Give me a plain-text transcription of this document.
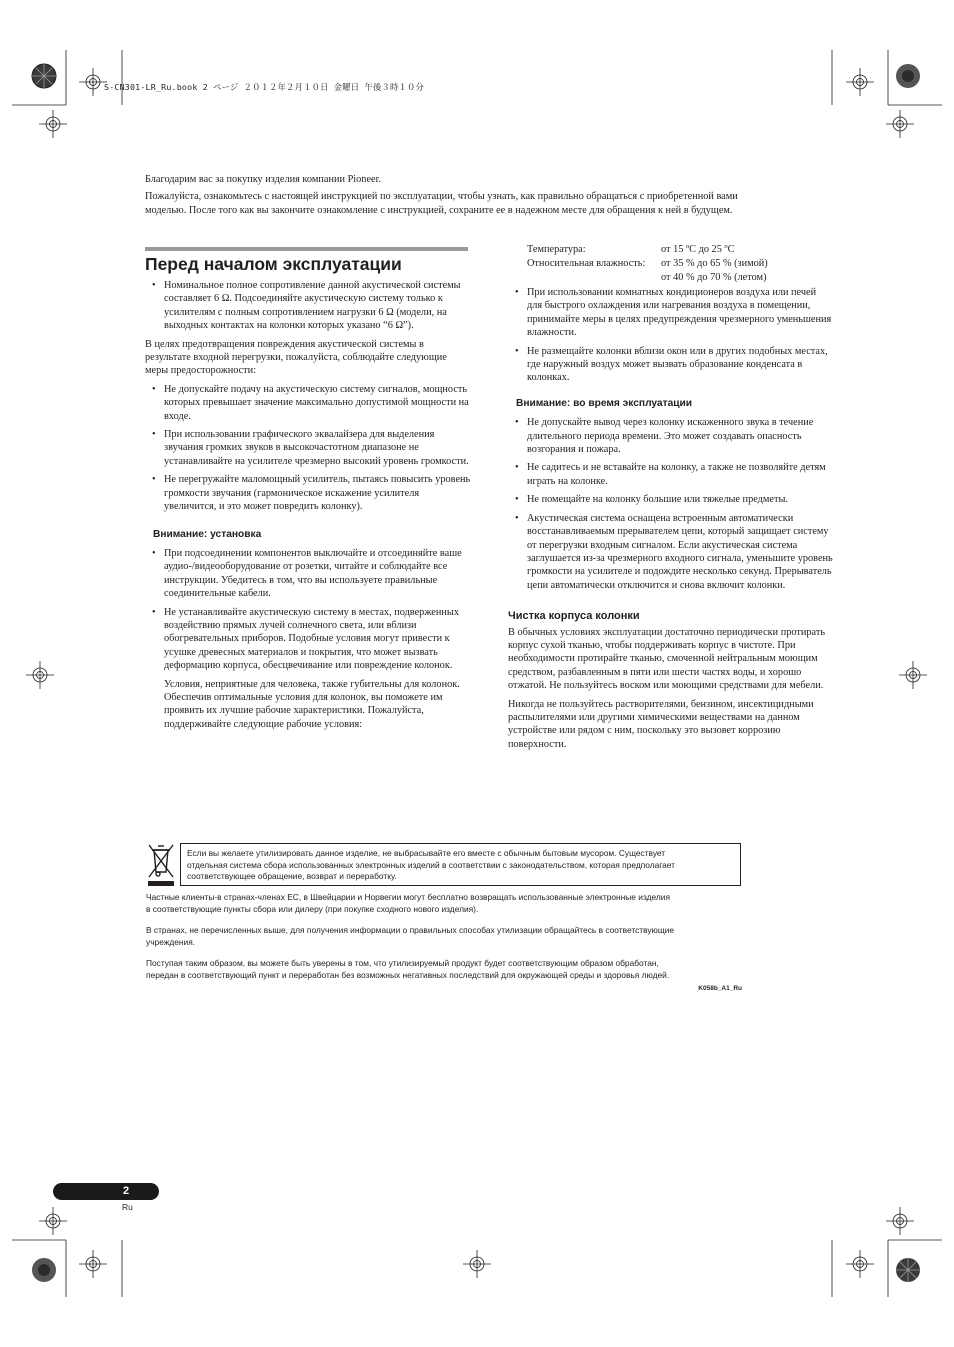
S-CN301-LR_Ru.book 2 ページ ２０１２年２月１０日 金曜日 午後３時１０分

Благодарим вас за покупку изделия компании Pioneer.

Пожалуйста, ознакомьтесь с настоящей инструкцией по эксплуатации, чтобы узнать, как правильно обращаться с приобретенной вами

моделью. После того как вы закончите ознакомление с инструкцией, сохраните ее в надежном месте для обращения к ней в будущем.

Перед началом эксплуатации
• Номинальное полное сопротивление данной акустической системы составляет 6 Ω. Подсоединяйте акустическую систему только к усилителям с полным сопротивлением нагрузки 6 Ω (модели, на выходных контактах на колонки которых указано “6 Ω”).

В целях предотвращения повреждения акустической системы в результате входной перегрузки, пожалуйста, соблюдайте следующие меры предосторожности:

• Не допускайте подачу на акустическую систему сигналов, мощность которых превышает значение максимально допустимой мощности на входе.
• При использовании графического эквалайзера для выделения звучания громких звуков в высокочастотном диапазоне не устанавливайте на усилителе чрезмерно высокий уровень громкости.
• Не перегружайте маломощный усилитель, пытаясь повысить уровень громкости звучания (гармоническое искажение усилителя увеличится, и это может повредить колонку).
Внимание: установка
• При подсоединении компонентов выключайте и отсоединяйте ваше аудио-/видеооборудование от розетки, читайте и соблюдайте все инструкции. Убедитесь в том, что вы используете правильные соединительные кабели.
• Не устанавливайте акустическую систему в местах, подверженных воздействию прямых лучей солнечного света, или вблизи обогревательных приборов. Подобные условия могут привести к усушке древесных материалов и покрытия, что может вызвать деформацию корпуса, обесцвечивание или повреждение колонок.

Условия, неприятные для человека, также губительны для колонок. Обеспечив оптимальные условия для колонок, вы поможете им проявить их лучшие рабочие характеристики. Пожалуйста, поддерживайте следующие рабочие условия:

Температура:	от 15 ºC до 25 ºC
Относительная влажность: от 35 % до 65 % (зимой)
от 40 % до 70 % (летом)
• При использовании комнатных кондиционеров воздуха или печей для быстрого охлаждения или нагревания воздуха в помещении, принимайте меры в целях предупреждения чрезмерного уменьшения влажности.
• Не размещайте колонки вблизи окон или в других подобных местах, где наружный воздух может вызвать образование конденсата в колонках.
Внимание: во время эксплуатации
• Не допускайте вывод через колонку искаженного звука в течение длительного периода времени. Это может создавать опасность возгорания и пожара.
• Не садитесь и не вставайте на колонку, а также не позволяйте детям играть на колонке.
• Не помещайте на колонку большие или тяжелые предметы.
• Акустическая система оснащена встроенным автоматически восстанавливаемым прерывателем цепи, который защищает систему от перегрузки входным сигналом. Если акустическая система заглушается из-за чрезмерного входного сигнала, уменьшите уровень громкости на усилителе и подождите несколько секунд. Прерыватель цепи автоматически отключится и снова включит колонки.
Чистка корпуса колонки

В обычных условиях эксплуатации достаточно периодически протирать корпус сухой тканью, чтобы поддерживать корпус в чистоте. При необходимости протирайте тканью, смоченной нейтральным моющим средством, разбавленным в пяти или шести частях воды, и хорошо отжатой. Не пользуйтесь воском или моющими средствами для мебели.

Никогда не пользуйтесь растворителями, бензином, инсектицидными распылителями или другими химическими веществами на данном устройстве или рядом с ним, поскольку это вызовет коррозию поверхности.

Если вы желаете утилизировать данное изделие, не выбрасывайте его вместе с обычным бытовым мусором. Существует
отдельная система сбора использованных электронных изделий в соответствии с законодательством, которая предполагает
соответствующее обращение, возврат и переработку.
Частные клиенты-в странах-членах ЕС, в Швейцарии и Норвегии могут бесплатно возвращать использованные электронные изделия
в соответствующие пункты сбора или дилеру (при покупке сходного нового изделия).
В странах, не перечисленных выше, для получения информации о правильных способах утилизации обращайтесь в соответствующие
учреждения.
Поступая таким образом, вы можете быть уверены в том, что утилизируемый продукт будет соответствующим образом обработан,
передан в соответствующий пункт и переработан без возможных негативных последствий для окружающей среды и здоровья людей.
K058b_A1_Ru
2
Ru
